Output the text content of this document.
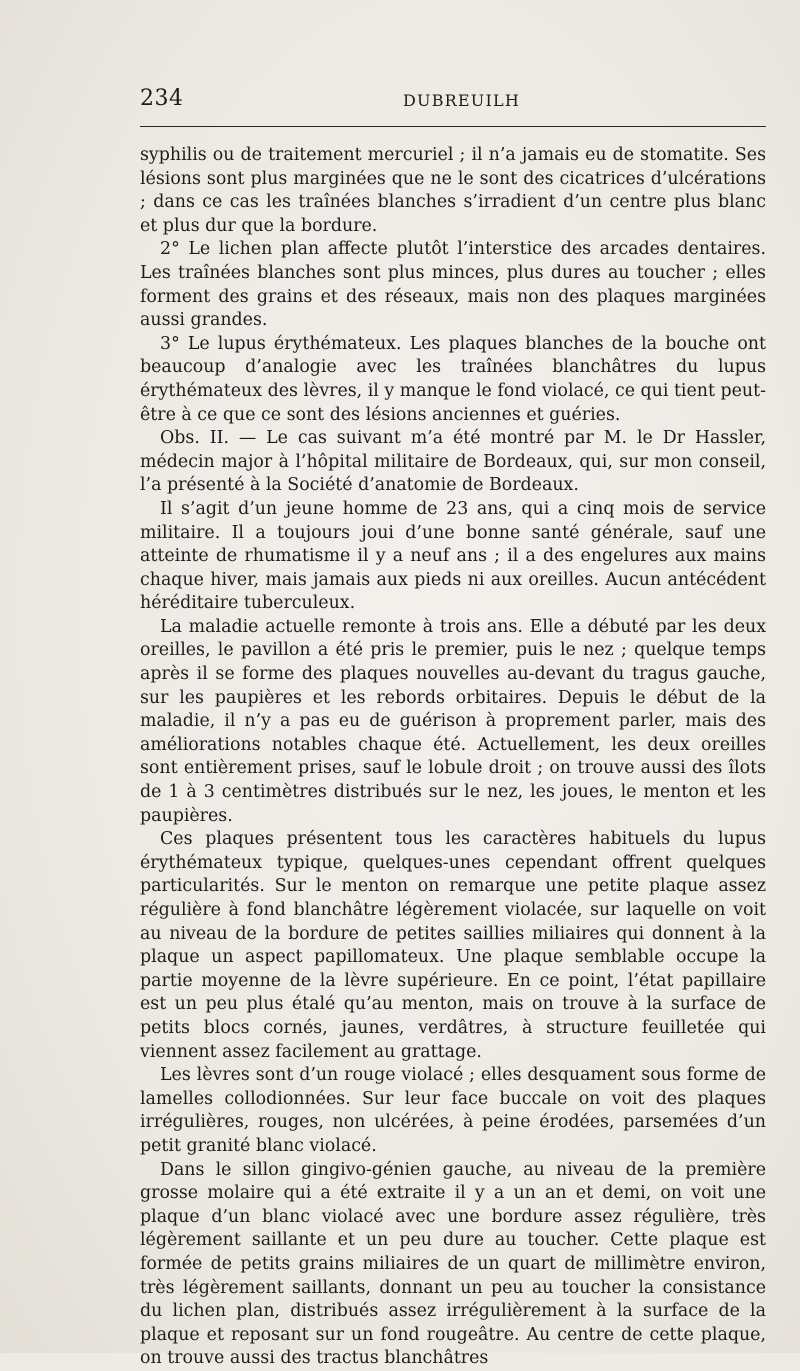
234	DUBREUILH

syphilis ou de traitement mercuriel ; il n’a jamais eu de stomatite. Ses lésions sont plus marginées que ne le sont des cicatrices d’ulcérations ; dans ce cas les traînées blanches s’irradient d’un centre plus blanc et plus dur que la bordure.

2° Le lichen plan affecte plutôt l’interstice des arcades dentaires. Les traînées blanches sont plus minces, plus dures au toucher ; elles forment des grains et des réseaux, mais non des plaques marginées aussi grandes.

3° Le lupus érythémateux. Les plaques blanches de la bouche ont beaucoup d’analogie avec les traînées blanchâtres du lupus érythémateux des lèvres, il y manque le fond violacé, ce qui tient peut-être à ce que ce sont des lésions anciennes et guéries.

Obs. II. — Le cas suivant m’a été montré par M. le Dr Hassler, médecin major à l’hôpital militaire de Bordeaux, qui, sur mon conseil, l’a présenté à la Société d’anatomie de Bordeaux.

Il s’agit d’un jeune homme de 23 ans, qui a cinq mois de service militaire. Il a toujours joui d’une bonne santé générale, sauf une atteinte de rhumatisme il y a neuf ans ; il a des engelures aux mains chaque hiver, mais jamais aux pieds ni aux oreilles. Aucun antécédent héréditaire tuberculeux.

La maladie actuelle remonte à trois ans. Elle a débuté par les deux oreilles, le pavillon a été pris le premier, puis le nez ; quelque temps après il se forme des plaques nouvelles au-devant du tragus gauche, sur les paupières et les rebords orbitaires. Depuis le début de la maladie, il n’y a pas eu de guérison à proprement parler, mais des améliorations notables chaque été. Actuellement, les deux oreilles sont entièrement prises, sauf le lobule droit ; on trouve aussi des îlots de 1 à 3 centimètres distribués sur le nez, les joues, le menton et les paupières.

Ces plaques présentent tous les caractères habituels du lupus érythémateux typique, quelques-unes cependant offrent quelques particularités. Sur le menton on remarque une petite plaque assez régulière à fond blanchâtre légèrement violacée, sur laquelle on voit au niveau de la bordure de petites saillies miliaires qui donnent à la plaque un aspect papillomateux. Une plaque semblable occupe la partie moyenne de la lèvre supérieure. En ce point, l’état papillaire est un peu plus étalé qu’au menton, mais on trouve à la surface de petits blocs cornés, jaunes, verdâtres, à structure feuilletée qui viennent assez facilement au grattage.

Les lèvres sont d’un rouge violacé ; elles desquament sous forme de lamelles collodionnées. Sur leur face buccale on voit des plaques irrégulières, rouges, non ulcérées, à peine érodées, parsemées d’un petit granité blanc violacé.

Dans le sillon gingivo-génien gauche, au niveau de la première grosse molaire qui a été extraite il y a un an et demi, on voit une plaque d’un blanc violacé avec une bordure assez régulière, très légèrement saillante et un peu dure au toucher. Cette plaque est formée de petits grains miliaires de un quart de millimètre environ, très légèrement saillants, donnant un peu au toucher la consistance du lichen plan, distribués assez irrégulièrement à la surface de la plaque et reposant sur un fond rougeâtre. Au centre de cette plaque, on trouve aussi des tractus blanchâtres
